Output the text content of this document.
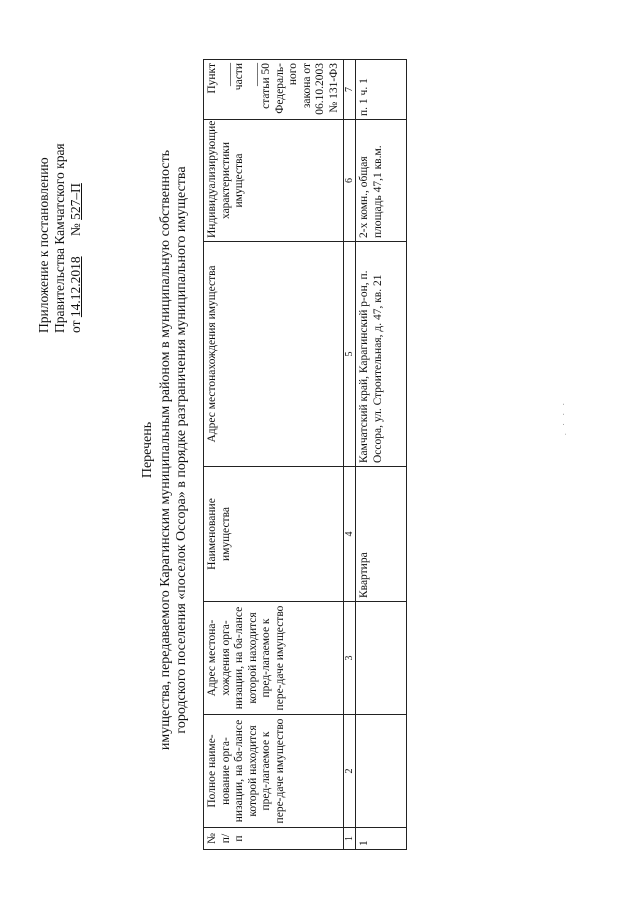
Приложение к постановлению Правительства Камчатского края от 14.12.2018      № 527–П
Перечень имущества, передаваемого Карагинским муниципальным районом в муниципальную собственность городского поселения «поселок Оссора» в порядке разграничения муниципального имущества
№ п/п	Полное наиме-нование орга-низации, на ба-лансе которой находится пред-лагаемое к пере-даче имущество	Адрес местона-хождения орга-низации, на ба-лансе которой находится пред-лагаемое к пере-даче имущество	Наименование имущества	Адрес местонахождения имущества	Индивидуализирующие характеристики имущества	Пункт ____ части ____ статьи 50 Федераль-ного закона от 06.10.2003 № 131-ФЗ
1	2	3	4	5	6	7
1			Квартира	Камчатский край, Карагинский р-он, п. Оссора, ул. Строительная, д. 47, кв. 21	2-х комн., общая площадь 47,1 кв.м.	п. 1 ч. 1
. · · ·
